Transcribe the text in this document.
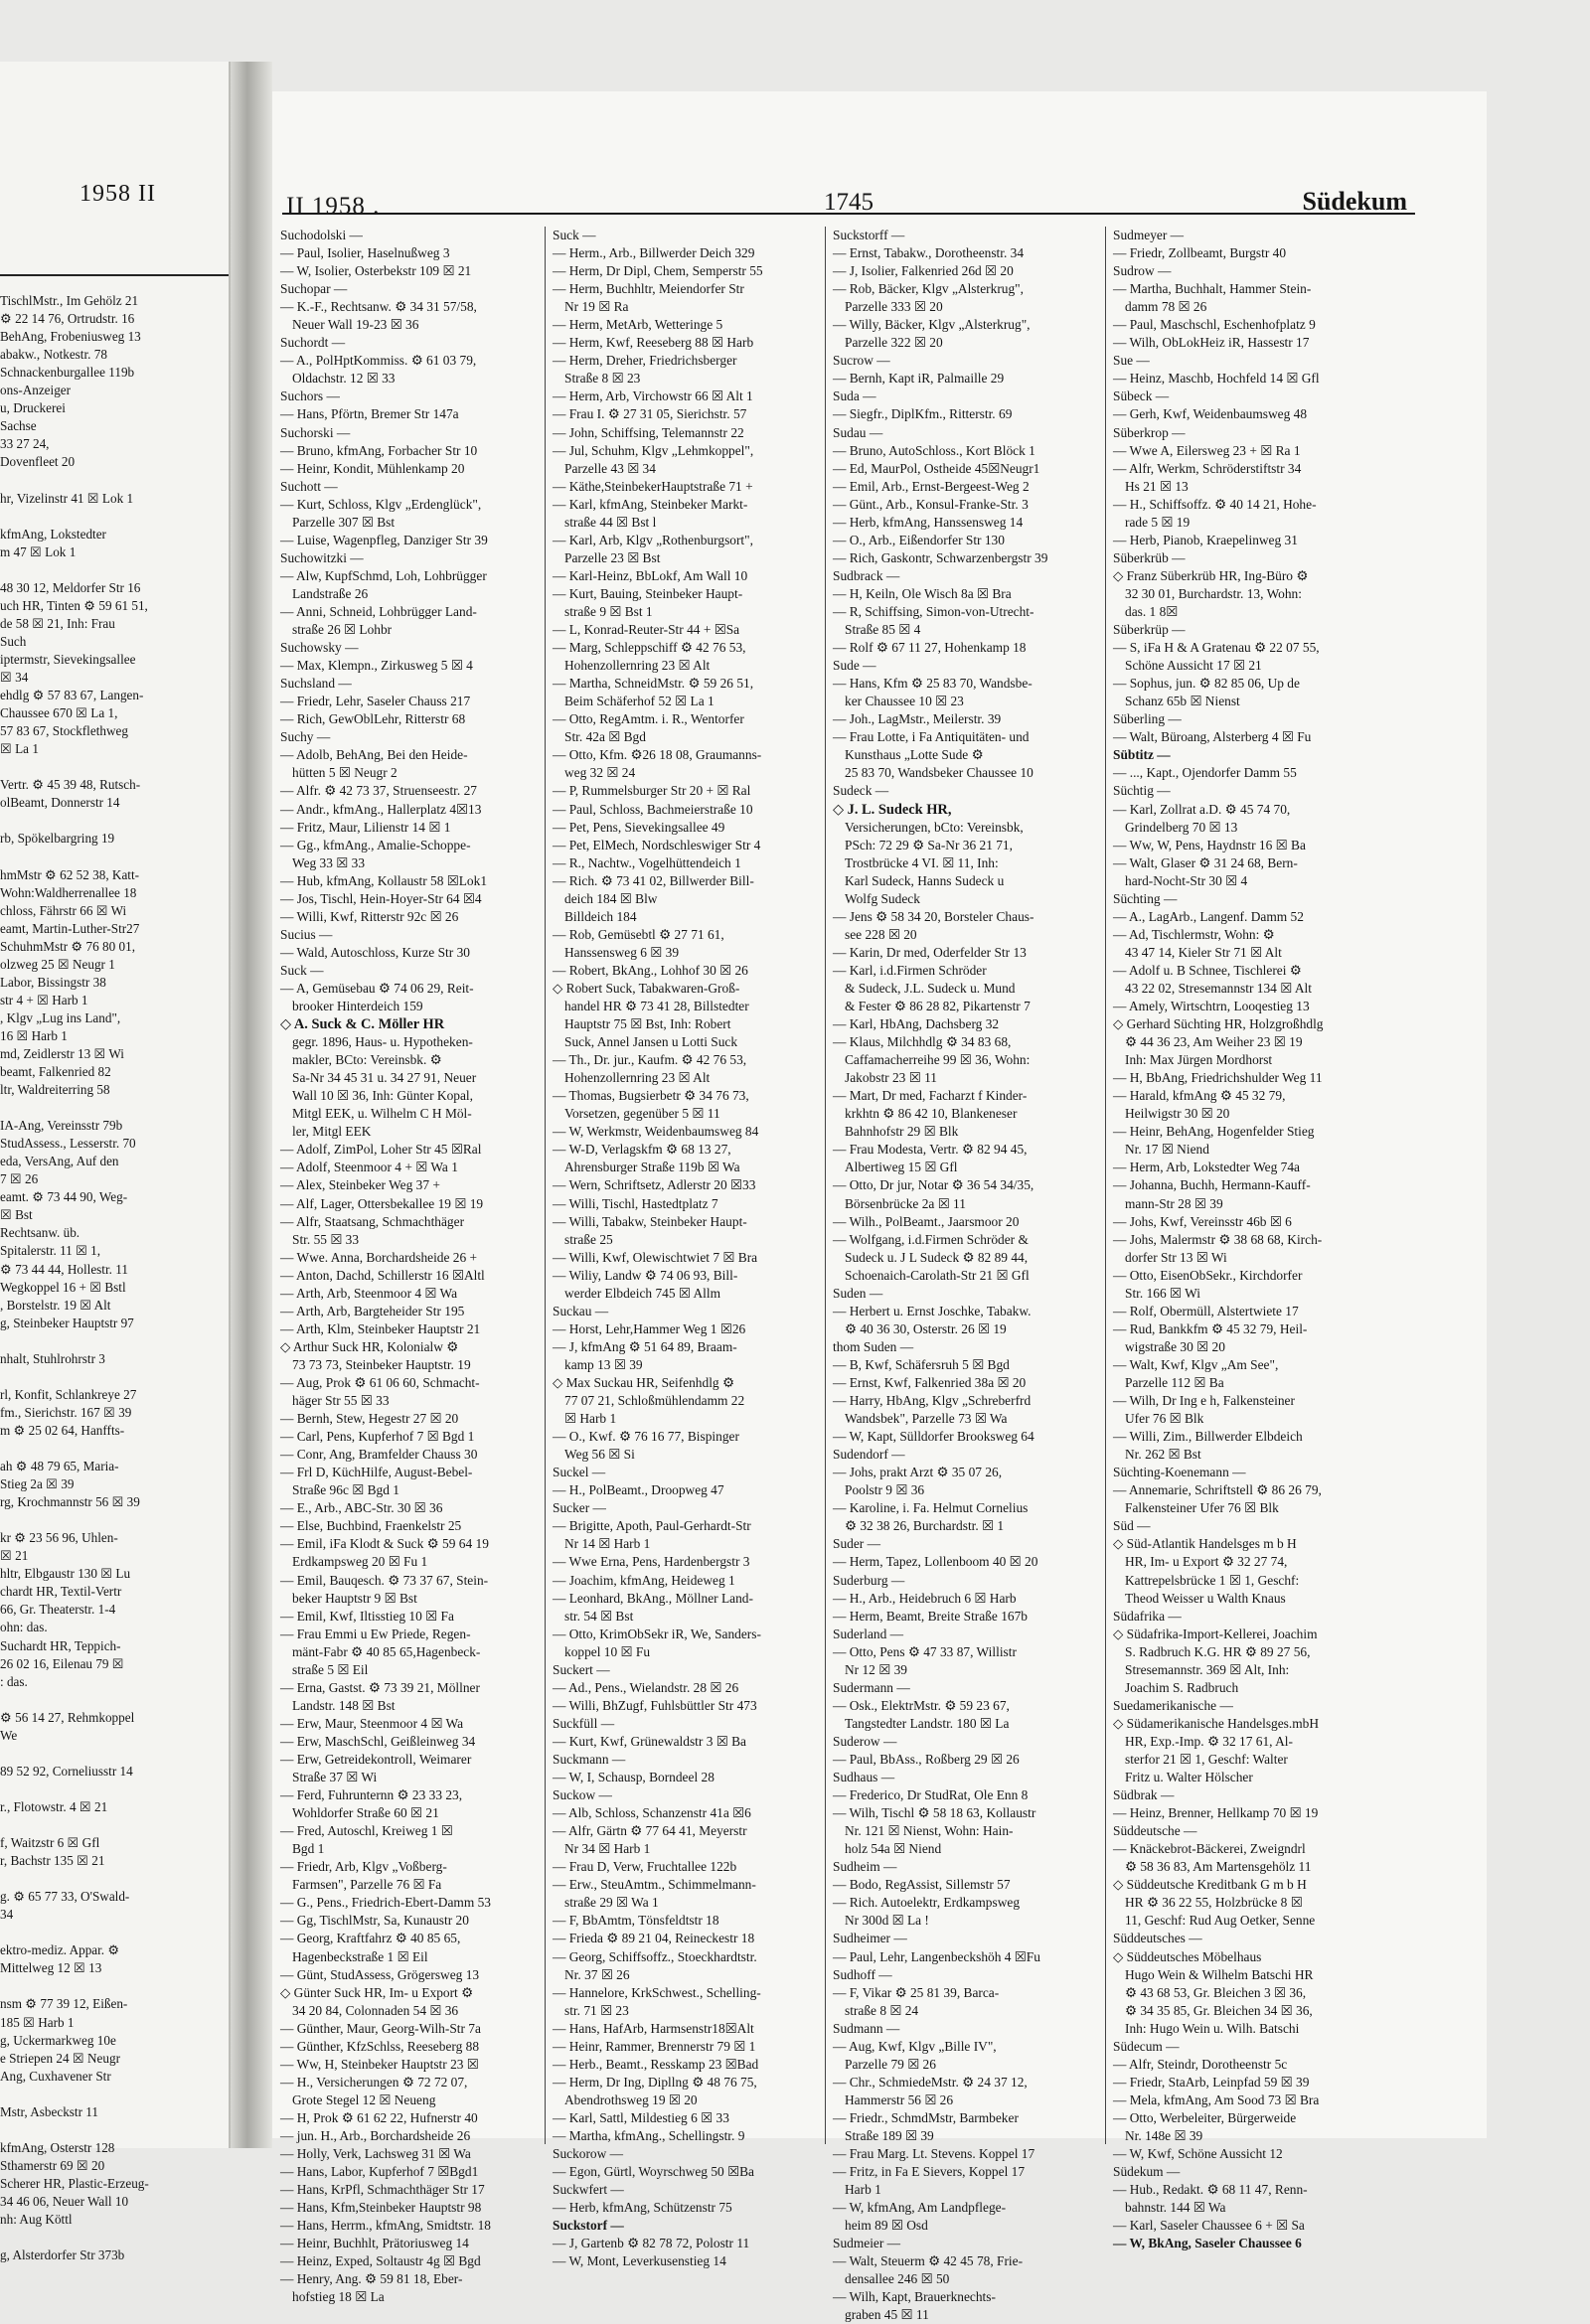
1958 II
TischlMstr., Im Gehölz 21
⚙ 22 14 76, Ortrudstr. 16
BehAng, Frobeniusweg 13
abakw., Notkestr. 78
Schnackenburgallee 119b
ons-Anzeiger
u, Druckerei
Sachse
33 27 24,
Dovenfleet 20

hr, Vizelinstr 41 ☒ Lok 1

kfmAng, Lokstedter
m 47 ☒ Lok 1

48 30 12, Meldorfer Str 16
uch HR, Tinten ⚙ 59 61 51,
de 58 ☒ 21, Inh: Frau
Such
iptermstr, Sievekingsallee
☒ 34
ehdlg ⚙ 57 83 67, Langen-
Chaussee 670 ☒ La 1,
57 83 67, Stockflethweg
☒ La 1

Vertr. ⚙ 45 39 48, Rutsch-
olBeamt, Donnerstr 14

rb, Spökelbargring 19

hmMstr ⚙ 62 52 38, Katt-
Wohn:Waldherrenallee 18
chloss, Fährstr 66 ☒ Wi
eamt, Martin-Luther-Str27
SchuhmMstr ⚙ 76 80 01,
olzweg 25 ☒ Neugr 1
Labor, Bissingstr 38
str 4 + ☒ Harb 1
, Klgv „Lug ins Land",
16 ☒ Harb 1
md, Zeidlerstr 13 ☒ Wi
beamt, Falkenried 82
ltr, Waldreiterring 58

IA-Ang, Vereinsstr 79b
StudAssess., Lesserstr. 70
eda, VersAng, Auf den
7 ☒ 26
eamt. ⚙ 73 44 90, Weg-
☒ Bst
Rechtsanw. üb.
Spitalerstr. 11 ☒ 1,
⚙ 73 44 44, Hollestr. 11
Wegkoppel 16 + ☒ Bstl
, Borstelstr. 19 ☒ Alt
g, Steinbeker Hauptstr 97

nhalt, Stuhlrohrstr 3

rl, Konfit, Schlankreye 27
fm., Sierichstr. 167 ☒ 39
m ⚙ 25 02 64, Hanffts-

ah ⚙ 48 79 65, Maria-
Stieg 2a ☒ 39
rg, Krochmannstr 56 ☒ 39

kr ⚙ 23 56 96, Uhlen-
☒ 21
hltr, Elbgaustr 130 ☒ Lu
chardt HR, Textil-Vertr
66, Gr. Theaterstr. 1-4
ohn: das.
Suchardt HR, Teppich-
26 02 16, Eilenau 79 ☒
: das.

⚙ 56 14 27, Rehmkoppel
We

89 52 92, Corneliusstr 14

r., Flotowstr. 4 ☒ 21

f, Waitzstr 6 ☒ Gfl
r, Bachstr 135 ☒ 21

g. ⚙ 65 77 33, O'Swald-
34

ektro-mediz. Appar. ⚙
Mittelweg 12 ☒ 13

nsm ⚙ 77 39 12, Eißen-
185 ☒ Harb 1
g, Uckermarkweg 10e
e Striepen 24 ☒ Neugr
Ang, Cuxhavener Str

Mstr, Asbeckstr 11

kfmAng, Osterstr 128
Sthamerstr 69 ☒ 20
Scherer HR, Plastic-Erzeug-
34 46 06, Neuer Wall 10
nh: Aug Köttl

g, Alsterdorfer Str 373b
II 1958 .	1745	Südekum
Suchodolski —
— Paul, Isolier, Haselnußweg 3
— W, Isolier, Osterbekstr 109 ☒ 21
Suchopar —
— K.-F., Rechtsanw. ⚙ 34 31 57/58,
Neuer Wall 19-23 ☒ 36
Suchordt —
— A., PolHptKommiss. ⚙ 61 03 79,
Oldachstr. 12 ☒ 33
Suchors —
— Hans, Pförtn, Bremer Str 147a
Suchorski —
— Bruno, kfmAng, Forbacher Str 10
— Heinr, Kondit, Mühlenkamp 20
Suchott —
— Kurt, Schloss, Klgv „Erdenglück",
Parzelle 307 ☒ Bst
— Luise, Wagenpfleg, Danziger Str 39
Suchowitzki —
— Alw, KupfSchmd, Loh, Lohbrügger
Landstraße 26
— Anni, Schneid, Lohbrügger Land-
straße 26 ☒ Lohbr
Suchowsky —
— Max, Klempn., Zirkusweg 5 ☒ 4
Suchsland —
— Friedr, Lehr, Saseler Chauss 217
— Rich, GewOblLehr, Ritterstr 68
Suchy —
— Adolb, BehAng, Bei den Heide-
hütten 5 ☒ Neugr 2
— Alfr. ⚙ 42 73 37, Struenseestr. 27
— Andr., kfmAng., Hallerplatz 4☒13
— Fritz, Maur, Lilienstr 14 ☒ 1
— Gg., kfmAng., Amalie-Schoppe-
Weg 33 ☒ 33
— Hub, kfmAng, Kollaustr 58 ☒Lok1
— Jos, Tischl, Hein-Hoyer-Str 64 ☒4
— Willi, Kwf, Ritterstr 92c ☒ 26
Sucius —
— Wald, Autoschloss, Kurze Str 30
Suck —
— A, Gemüsebau ⚙ 74 06 29, Reit-
brooker Hinterdeich 159
◇ A. Suck & C. Möller HR
gegr. 1896, Haus- u. Hypotheken-
makler, BCto: Vereinsbk. ⚙
Sa-Nr 34 45 31 u. 34 27 91, Neuer
Wall 10 ☒ 36, Inh: Günter Kopal,
Mitgl EEK, u. Wilhelm C H Möl-
ler, Mitgl EEK
— Adolf, ZimPol, Loher Str 45 ☒Ral
— Adolf, Steenmoor 4 + ☒ Wa 1
— Alex, Steinbeker Weg 37 +
— Alf, Lager, Ottersbekallee 19 ☒ 19
— Alfr, Staatsang, Schmachthäger
Str. 55 ☒ 33
— Wwe. Anna, Borchardsheide 26 +
— Anton, Dachd, Schillerstr 16 ☒Altl
— Arth, Arb, Steenmoor 4 ☒ Wa
— Arth, Arb, Bargteheider Str 195
— Arth, Klm, Steinbeker Hauptstr 21
◇ Arthur Suck HR, Kolonialw ⚙
73 73 73, Steinbeker Hauptstr. 19
— Aug, Prok ⚙ 61 06 60, Schmacht-
häger Str 55 ☒ 33
— Bernh, Stew, Hegestr 27 ☒ 20
— Carl, Pens, Kupferhof 7 ☒ Bgd 1
— Conr, Ang, Bramfelder Chauss 30
— Frl D, KüchHilfe, August-Bebel-
Straße 96c ☒ Bgd 1
— E., Arb., ABC-Str. 30 ☒ 36
— Else, Buchbind, Fraenkelstr 25
— Emil, iFa Klodt & Suck ⚙ 59 64 19
Erdkampsweg 20 ☒ Fu 1
— Emil, Bauqesch. ⚙ 73 37 67, Stein-
beker Hauptstr 9 ☒ Bst
— Emil, Kwf, Iltisstieg 10 ☒ Fa
— Frau Emmi u Ew Priede, Regen-
mänt-Fabr ⚙ 40 85 65,Hagenbeck-
straße 5 ☒ Eil
— Erna, Gastst. ⚙ 73 39 21, Möllner
Landstr. 148 ☒ Bst
— Erw, Maur, Steenmoor 4 ☒ Wa
— Erw, MaschSchl, Geißleinweg 34
— Erw, Getreidekontroll, Weimarer
Straße 37 ☒ Wi
— Ferd, Fuhrunternn ⚙ 23 33 23,
Wohldorfer Straße 60 ☒ 21
— Fred, Autoschl, Kreiweg 1 ☒
Bgd 1
— Friedr, Arb, Klgv „Voßberg-
Farmsen", Parzelle 76 ☒ Fa
— G., Pens., Friedrich-Ebert-Damm 53
— Gg, TischlMstr, Sa, Kunaustr 20
— Georg, Kraftfahrz ⚙ 40 85 65,
Hagenbeckstraße 1 ☒ Eil
— Günt, StudAssess, Grögersweg 13
◇ Günter Suck HR, Im- u Export ⚙
34 20 84, Colonnaden 54 ☒ 36
— Günther, Maur, Georg-Wilh-Str 7a
— Günther, KfzSchlss, Reeseberg 88
— Ww, H, Steinbeker Hauptstr 23 ☒
— H., Versicherungen ⚙ 72 72 07,
Grote Stegel 12 ☒ Neueng
— H, Prok ⚙ 61 62 22, Hufnerstr 40
— jun. H., Arb., Borchardsheide 26
— Holly, Verk, Lachsweg 31 ☒ Wa
— Hans, Labor, Kupferhof 7 ☒Bgd1
— Hans, KrPfl, Schmachthäger Str 17
— Hans, Kfm,Steinbeker Hauptstr 98
— Hans, Herrm., kfmAng, Smidtstr. 18
— Heinr, Buchhlt, Prätoriusweg 14
— Heinz, Exped, Soltaustr 4g ☒ Bgd
— Henry, Ang. ⚙ 59 81 18, Eber-
hofstieg 18 ☒ La
Suck —
— Herm., Arb., Billwerder Deich 329
— Herm, Dr Dipl, Chem, Semperstr 55
— Herm, Buchhltr, Meiendorfer Str
Nr 19 ☒ Ra
— Herm, MetArb, Wetteringe 5
— Herm, Kwf, Reeseberg 88 ☒ Harb
— Herm, Dreher, Friedrichsberger
Straße 8 ☒ 23
— Herm, Arb, Virchowstr 66 ☒ Alt 1
— Frau I. ⚙ 27 31 05, Sierichstr. 57
— John, Schiffsing, Telemannstr 22
— Jul, Schuhm, Klgv „Lehmkoppel",
Parzelle 43 ☒ 34
— Käthe,SteinbekerHauptstraße 71 +
— Karl, kfmAng, Steinbeker Markt-
straße 44 ☒ Bst l
— Karl, Arb, Klgv „Rothenburgsort",
Parzelle 23 ☒ Bst
— Karl-Heinz, BbLokf, Am Wall 10
— Kurt, Bauing, Steinbeker Haupt-
straße 9 ☒ Bst 1
— L, Konrad-Reuter-Str 44 + ☒Sa
— Marg, Schleppschiff ⚙ 42 76 53,
Hohenzollernring 23 ☒ Alt
— Martha, SchneidMstr. ⚙ 59 26 51,
Beim Schäferhof 52 ☒ La 1
— Otto, RegAmtm. i. R., Wentorfer
Str. 42a ☒ Bgd
— Otto, Kfm. ⚙26 18 08, Graumanns-
weg 32 ☒ 24
— P, Rummelsburger Str 20 + ☒ Ral
— Paul, Schloss, Bachmeierstraße 10
— Pet, Pens, Sievekingsallee 49
— Pet, ElMech, Nordschleswiger Str 4
— R., Nachtw., Vogelhüttendeich 1
— Rich. ⚙ 73 41 02, Billwerder Bill-
deich 184 ☒ Blw
Billdeich 184
— Rob, Gemüsebtl ⚙ 27 71 61,
Hanssensweg 6 ☒ 39
— Robert, BkAng., Lohhof 30 ☒ 26
◇ Robert Suck, Tabakwaren-Groß-
handel HR ⚙ 73 41 28, Billstedter
Hauptstr 75 ☒ Bst, Inh: Robert
Suck, Annel Jansen u Lotti Suck
— Th., Dr. jur., Kaufm. ⚙ 42 76 53,
Hohenzollernring 23 ☒ Alt
— Thomas, Bugsierbetr ⚙ 34 76 73,
Vorsetzen, gegenüber 5 ☒ 11
— W, Werkmstr, Weidenbaumsweg 84
— W-D, Verlagskfm ⚙ 68 13 27,
Ahrensburger Straße 119b ☒ Wa
— Wern, Schriftsetz, Adlerstr 20 ☒33
— Willi, Tischl, Hastedtplatz 7
— Willi, Tabakw, Steinbeker Haupt-
straße 25
— Willi, Kwf, Olewischtwiet 7 ☒ Bra
— Wiliy, Landw ⚙ 74 06 93, Bill-
werder Elbdeich 745 ☒ Allm
Suckau —
— Horst, Lehr,Hammer Weg 1 ☒26
— J, kfmAng ⚙ 51 64 89, Braam-
kamp 13 ☒ 39
◇ Max Suckau HR, Seifenhdlg ⚙
77 07 21, Schloßmühlendamm 22
☒ Harb 1
— O., Kwf. ⚙ 76 16 77, Bispinger
Weg 56 ☒ Si
Suckel —
— H., PolBeamt., Droopweg 47
Sucker —
— Brigitte, Apoth, Paul-Gerhardt-Str
Nr 14 ☒ Harb 1
— Wwe Erna, Pens, Hardenbergstr 3
— Joachim, kfmAng, Heideweg 1
— Leonhard, BkAng., Möllner Land-
str. 54 ☒ Bst
— Otto, KrimObSekr iR, We, Sanders-
koppel 10 ☒ Fu
Suckert —
— Ad., Pens., Wielandstr. 28 ☒ 26
— Willi, BhZugf, Fuhlsbüttler Str 473
Suckfüll —
— Kurt, Kwf, Grünewaldstr 3 ☒ Ba
Suckmann —
— W, I, Schausp, Borndeel 28
Suckow —
— Alb, Schloss, Schanzenstr 41a ☒6
— Alfr, Gärtn ⚙ 77 64 41, Meyerstr
Nr 34 ☒ Harb 1
— Frau D, Verw, Fruchtallee 122b
— Erw., SteuAmtm., Schimmelmann-
straße 29 ☒ Wa 1
— F, BbAmtm, Tönsfeldtstr 18
— Frieda ⚙ 89 21 04, Reineckestr 18
— Georg, Schiffsoffz., Stoeckhardtstr.
Nr. 37 ☒ 26
— Hannelore, KrkSchwest., Schelling-
str. 71 ☒ 23
— Hans, HafArb, Harmsenstr18☒Alt
— Heinr, Rammer, Brennerstr 79 ☒ 1
— Herb., Beamt., Resskamp 23 ☒Bad
— Herm, Dr Ing, Dipllng ⚙ 48 76 75,
Abendrothsweg 19 ☒ 20
— Karl, Sattl, Mildestieg 6 ☒ 33
— Martha, kfmAng., Schellingstr. 9
Suckorow —
— Egon, Gürtl, Woyrschweg 50 ☒Ba
Suckwfert —
— Herb, kfmAng, Schützenstr 75
Suckstorf —
— J, Gartenb ⚙ 82 78 72, Polostr 11
— W, Mont, Leverkusenstieg 14
Suckstorff —
— Ernst, Tabakw., Dorotheenstr. 34
— J, Isolier, Falkenried 26d ☒ 20
— Rob, Bäcker, Klgv „Alsterkrug",
Parzelle 333 ☒ 20
— Willy, Bäcker, Klgv „Alsterkrug",
Parzelle 322 ☒ 20
Sucrow —
— Bernh, Kapt iR, Palmaille 29
Suda —
— Siegfr., DiplKfm., Ritterstr. 69
Sudau —
— Bruno, AutoSchloss., Kort Blöck 1
— Ed, MaurPol, Ostheide 45☒Neugr1
— Emil, Arb., Ernst-Bergeest-Weg 2
— Günt., Arb., Konsul-Franke-Str. 3
— Herb, kfmAng, Hanssensweg 14
— O., Arb., Eißendorfer Str 130
— Rich, Gaskontr, Schwarzenbergstr 39
Sudbrack —
— H, Keiln, Ole Wisch 8a ☒ Bra
— R, Schiffsing, Simon-von-Utrecht-
Straße 85 ☒ 4
— Rolf ⚙ 67 11 27, Hohenkamp 18
Sude —
— Hans, Kfm ⚙ 25 83 70, Wandsbe-
ker Chaussee 10 ☒ 23
— Joh., LagMstr., Meilerstr. 39
— Frau Lotte, i Fa Antiquitäten- und
Kunsthaus „Lotte Sude ⚙
25 83 70, Wandsbeker Chaussee 10
Sudeck —
◇ J. L. Sudeck HR,
Versicherungen, bCto: Vereinsbk,
PSch: 72 29 ⚙ Sa-Nr 36 21 71,
Trostbrücke 4 VI. ☒ 11, Inh:
Karl Sudeck, Hanns Sudeck u
Wolfg Sudeck
— Jens ⚙ 58 34 20, Borsteler Chaus-
see 228 ☒ 20
— Karin, Dr med, Oderfelder Str 13
— Karl, i.d.Firmen Schröder
& Sudeck, J.L. Sudeck u. Mund
& Fester ⚙ 86 28 82, Pikartenstr 7
— Karl, HbAng, Dachsberg 32
— Klaus, Milchhdlg ⚙ 34 83 68,
Caffamacherreihe 99 ☒ 36, Wohn:
Jakobstr 23 ☒ 11
— Mart, Dr med, Facharzt f Kinder-
krkhtn ⚙ 86 42 10, Blankeneser
Bahnhofstr 29 ☒ Blk
— Frau Modesta, Vertr. ⚙ 82 94 45,
Albertiweg 15 ☒ Gfl
— Otto, Dr jur, Notar ⚙ 36 54 34/35,
Börsenbrücke 2a ☒ 11
— Wilh., PolBeamt., Jaarsmoor 20
— Wolfgang, i.d.Firmen Schröder &
Sudeck u. J L Sudeck ⚙ 82 89 44,
Schoenaich-Carolath-Str 21 ☒ Gfl
Suden —
— Herbert u. Ernst Joschke, Tabakw.
⚙ 40 36 30, Osterstr. 26 ☒ 19
thom Suden —
— B, Kwf, Schäfersruh 5 ☒ Bgd
— Ernst, Kwf, Falkenried 38a ☒ 20
— Harry, HbAng, Klgv „Schreberfrd
Wandsbek", Parzelle 73 ☒ Wa
— W, Kapt, Sülldorfer Brooksweg 64
Sudendorf —
— Johs, prakt Arzt ⚙ 35 07 26,
Poolstr 9 ☒ 36
— Karoline, i. Fa. Helmut Cornelius
⚙ 32 38 26, Burchardstr. ☒ 1
Suder —
— Herm, Tapez, Lollenboom 40 ☒ 20
Suderburg —
— H., Arb., Heidebruch 6 ☒ Harb
— Herm, Beamt, Breite Straße 167b
Suderland —
— Otto, Pens ⚙ 47 33 87, Willistr
Nr 12 ☒ 39
Sudermann —
— Osk., ElektrMstr. ⚙ 59 23 67,
Tangstedter Landstr. 180 ☒ La
Suderow —
— Paul, BbAss., Roßberg 29 ☒ 26
Sudhaus —
— Frederico, Dr StudRat, Ole Enn 8
— Wilh, Tischl ⚙ 58 18 63, Kollaustr
Nr. 121 ☒ Nienst, Wohn: Hain-
holz 54a ☒ Niend
Sudheim —
— Bodo, RegAssist, Sillemstr 57
— Rich. Autoelektr, Erdkampsweg
Nr 300d ☒ La !
Sudheimer —
— Paul, Lehr, Langenbeckshöh 4 ☒Fu
Sudhoff —
— F, Vikar ⚙ 25 81 39, Barca-
straße 8 ☒ 24
Sudmann —
— Aug, Kwf, Klgv „Bille IV",
Parzelle 79 ☒ 26
— Chr., SchmiedeMstr. ⚙ 24 37 12,
Hammerstr 56 ☒ 26
— Friedr., SchmdMstr, Barmbeker
Straße 189 ☒ 39
— Frau Marg. Lt. Stevens. Koppel 17
— Fritz, in Fa E Sievers, Koppel 17
Harb 1
— W, kfmAng, Am Landpflege-
heim 89 ☒ Osd
Sudmeier —
— Walt, Steuerm ⚙ 42 45 78, Frie-
densallee 246 ☒ 50
— Wilh, Kapt, Brauerknechts-
graben 45 ☒ 11
Sudmeyer —
— Friedr, Zollbeamt, Burgstr 40
Sudrow —
— Martha, Buchhalt, Hammer Stein-
damm 78 ☒ 26
— Paul, Maschschl, Eschenhofplatz 9
— Wilh, ObLokHeiz iR, Hassestr 17
Sue —
— Heinz, Maschb, Hochfeld 14 ☒ Gfl
Sübeck —
— Gerh, Kwf, Weidenbaumsweg 48
Süberkrop —
— Wwe A, Eilersweg 23 + ☒ Ra 1
— Alfr, Werkm, Schröderstiftstr 34
Hs 21 ☒ 13
— H., Schiffsoffz. ⚙ 40 14 21, Hohe-
rade 5 ☒ 19
— Herb, Pianob, Kraepelinweg 31
Süberkrüb —
◇ Franz Süberkrüb HR, Ing-Büro ⚙
32 30 01, Burchardstr. 13, Wohn:
das. 1 8☒
Süberkrüp —
— S, iFa H & A Gratenau ⚙ 22 07 55,
Schöne Aussicht 17 ☒ 21
— Sophus, jun. ⚙ 82 85 06, Up de
Schanz 65b ☒ Nienst
Süberling —
— Walt, Büroang, Alsterberg 4 ☒ Fu
Sübtitz —
— ..., Kapt., Ojendorfer Damm 55
Süchtig —
— Karl, Zollrat a.D. ⚙ 45 74 70,
Grindelberg 70 ☒ 13
— Ww, W, Pens, Haydnstr 16 ☒ Ba
— Walt, Glaser ⚙ 31 24 68, Bern-
hard-Nocht-Str 30 ☒ 4
Süchting —
— A., LagArb., Langenf. Damm 52
— Ad, Tischlermstr, Wohn: ⚙
43 47 14, Kieler Str 71 ☒ Alt
— Adolf u. B Schnee, Tischlerei ⚙
43 22 02, Stresemannstr 134 ☒ Alt
— Amely, Wirtschtrn, Looqestieg 13
◇ Gerhard Süchting HR, Holzgroßhdlg
⚙ 44 36 23, Am Weiher 23 ☒ 19
Inh: Max Jürgen Mordhorst
— H, BbAng, Friedrichshulder Weg 11
— Harald, kfmAng ⚙ 45 32 79,
Heilwigstr 30 ☒ 20
— Heinr, BehAng, Hogenfelder Stieg
Nr. 17 ☒ Niend
— Herm, Arb, Lokstedter Weg 74a
— Johanna, Buchh, Hermann-Kauff-
mann-Str 28 ☒ 39
— Johs, Kwf, Vereinsstr 46b ☒ 6
— Johs, Malermstr ⚙ 38 68 68, Kirch-
dorfer Str 13 ☒ Wi
— Otto, EisenObSekr., Kirchdorfer
Str. 166 ☒ Wi
— Rolf, Obermüll, Alstertwiete 17
— Rud, Bankkfm ⚙ 45 32 79, Heil-
wigstraße 30 ☒ 20
— Walt, Kwf, Klgv „Am See",
Parzelle 112 ☒ Ba
— Wilh, Dr Ing e h, Falkensteiner
Ufer 76 ☒ Blk
— Willi, Zim., Billwerder Elbdeich
Nr. 262 ☒ Bst
Süchting-Koenemann —
— Annemarie, Schriftstell ⚙ 86 26 79,
Falkensteiner Ufer 76 ☒ Blk
Süd —
◇ Süd-Atlantik Handelsges m b H
HR, Im- u Export ⚙ 32 27 74,
Kattrepelsbrücke 1 ☒ 1, Geschf:
Theod Weisser u Walth Knaus
Südafrika —
◇ Südafrika-Import-Kellerei, Joachim
S. Radbruch K.G. HR ⚙ 89 27 56,
Stresemannstr. 369 ☒ Alt, Inh:
Joachim S. Radbruch
Suedamerikanische —
◇ Südamerikanische Handelsges.mbH
HR, Exp.-Imp. ⚙ 32 17 61, Al-
sterfor 21 ☒ 1, Geschf: Walter
Fritz u. Walter Hölscher
Südbrak —
— Heinz, Brenner, Hellkamp 70 ☒ 19
Süddeutsche —
— Knäckebrot-Bäckerei, Zweigndrl
⚙ 58 36 83, Am Martensgehölz 11
◇ Süddeutsche Kreditbank G m b H
HR ⚙ 36 22 55, Holzbrücke 8 ☒
11, Geschf: Rud Aug Oetker, Senne
Süddeutsches —
◇ Süddeutsches Möbelhaus
Hugo Wein & Wilhelm Batschi HR
⚙ 43 68 53, Gr. Bleichen 3 ☒ 36,
⚙ 34 35 85, Gr. Bleichen 34 ☒ 36,
Inh: Hugo Wein u. Wilh. Batschi
Südecum —
— Alfr, Steindr, Dorotheenstr 5c
— Friedr, StaArb, Leinpfad 59 ☒ 39
— Mela, kfmAng, Am Sood 73 ☒ Bra
— Otto, Werbeleiter, Bürgerweide
Nr. 148e ☒ 39
— W, Kwf, Schöne Aussicht 12
Südekum —
— Hub., Redakt. ⚙ 68 11 47, Renn-
bahnstr. 144 ☒ Wa
— Karl, Saseler Chaussee 6 + ☒ Sa
— W, BkAng, Saseler Chaussee 6
